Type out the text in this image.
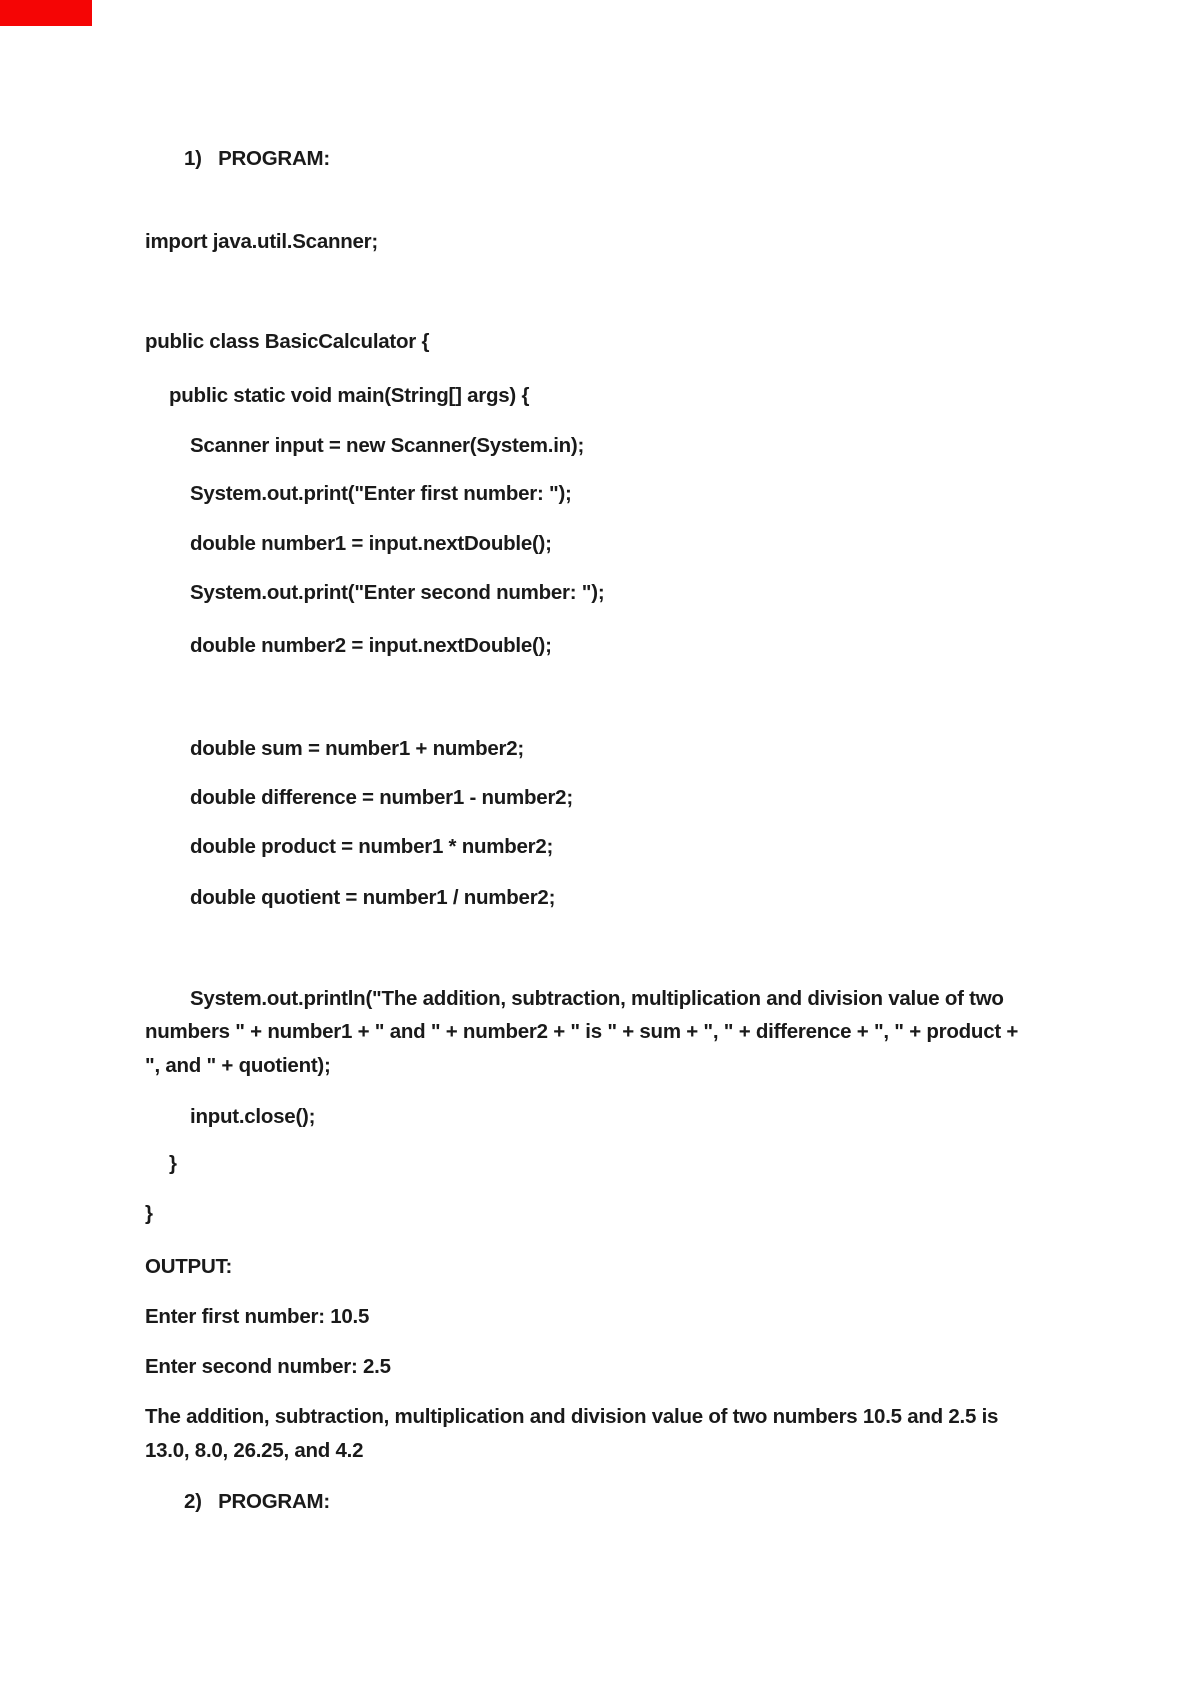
1)   PROGRAM:
import java.util.Scanner;
public class BasicCalculator {
public static void main(String[] args) {
Scanner input = new Scanner(System.in);
System.out.print("Enter first number: ");
double number1 = input.nextDouble();
System.out.print("Enter second number: ");
double number2 = input.nextDouble();
double sum = number1 + number2;
double difference = number1 - number2;
double product = number1 * number2;
double quotient = number1 / number2;
System.out.println("The addition, subtraction, multiplication and division value of two
numbers " + number1 + " and " + number2 + " is " + sum + ", " + difference + ", " + product +
", and " + quotient);
input.close();
}
}
OUTPUT:
Enter first number: 10.5
Enter second number: 2.5
The addition, subtraction, multiplication and division value of two numbers 10.5 and 2.5 is
13.0, 8.0, 26.25, and 4.2
2)   PROGRAM:
